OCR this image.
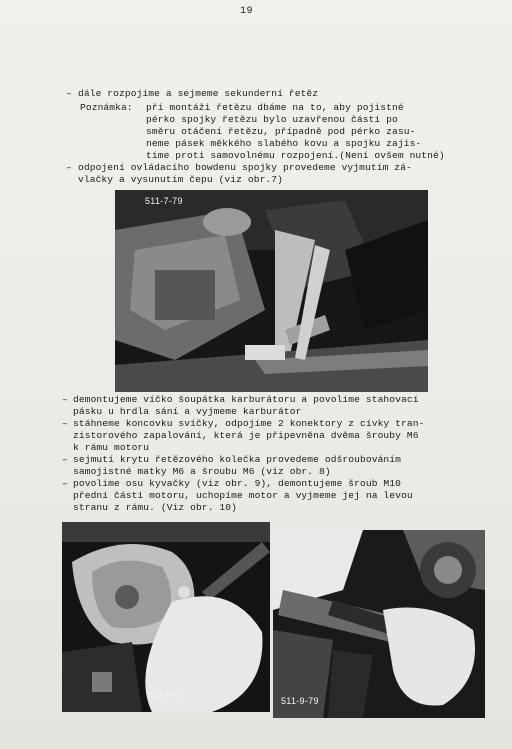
19
– dále rozpojíme a sejmeme sekunderní řetěz
Poznámka: při montáži řetězu dbáme na to, aby pojistné
pérko spojky řetězu bylo uzavřenou částí po
směru otáčení řetězu, případně pod pérko zasu-
neme pásek měkkého slabého kovu a spojku zajis-
tíme proti samovolnému rozpojení.(Není ovšem nutné)
– odpojení ovládacího bowdenu spojky provedeme vyjmutím zá-
vlačky a vysunutím čepu (viz obr.7)
511-7-79
– demontujeme víčko šoupátka karburátoru a povolíme stahovací
pásku u hrdla sání a vyjmeme karburátor
– stáhneme koncovku svíčky, odpojíme 2 konektory z cívky tran-
zistorového zapalování, která je připevněna dvěma šrouby M6
k rámu motoru
– sejmutí krytu řetězového kolečka provedeme odšroubováním
samojistné matky M6 a šroubu M6 (viz obr. 8)
– povolíme osu kyvačky (viz obr. 9), demontujeme šroub M10
přední části motoru, uchopíme motor a vyjmeme jej na levou
stranu z rámu. (Viz obr. 10)
511-8-79
511-9-79
